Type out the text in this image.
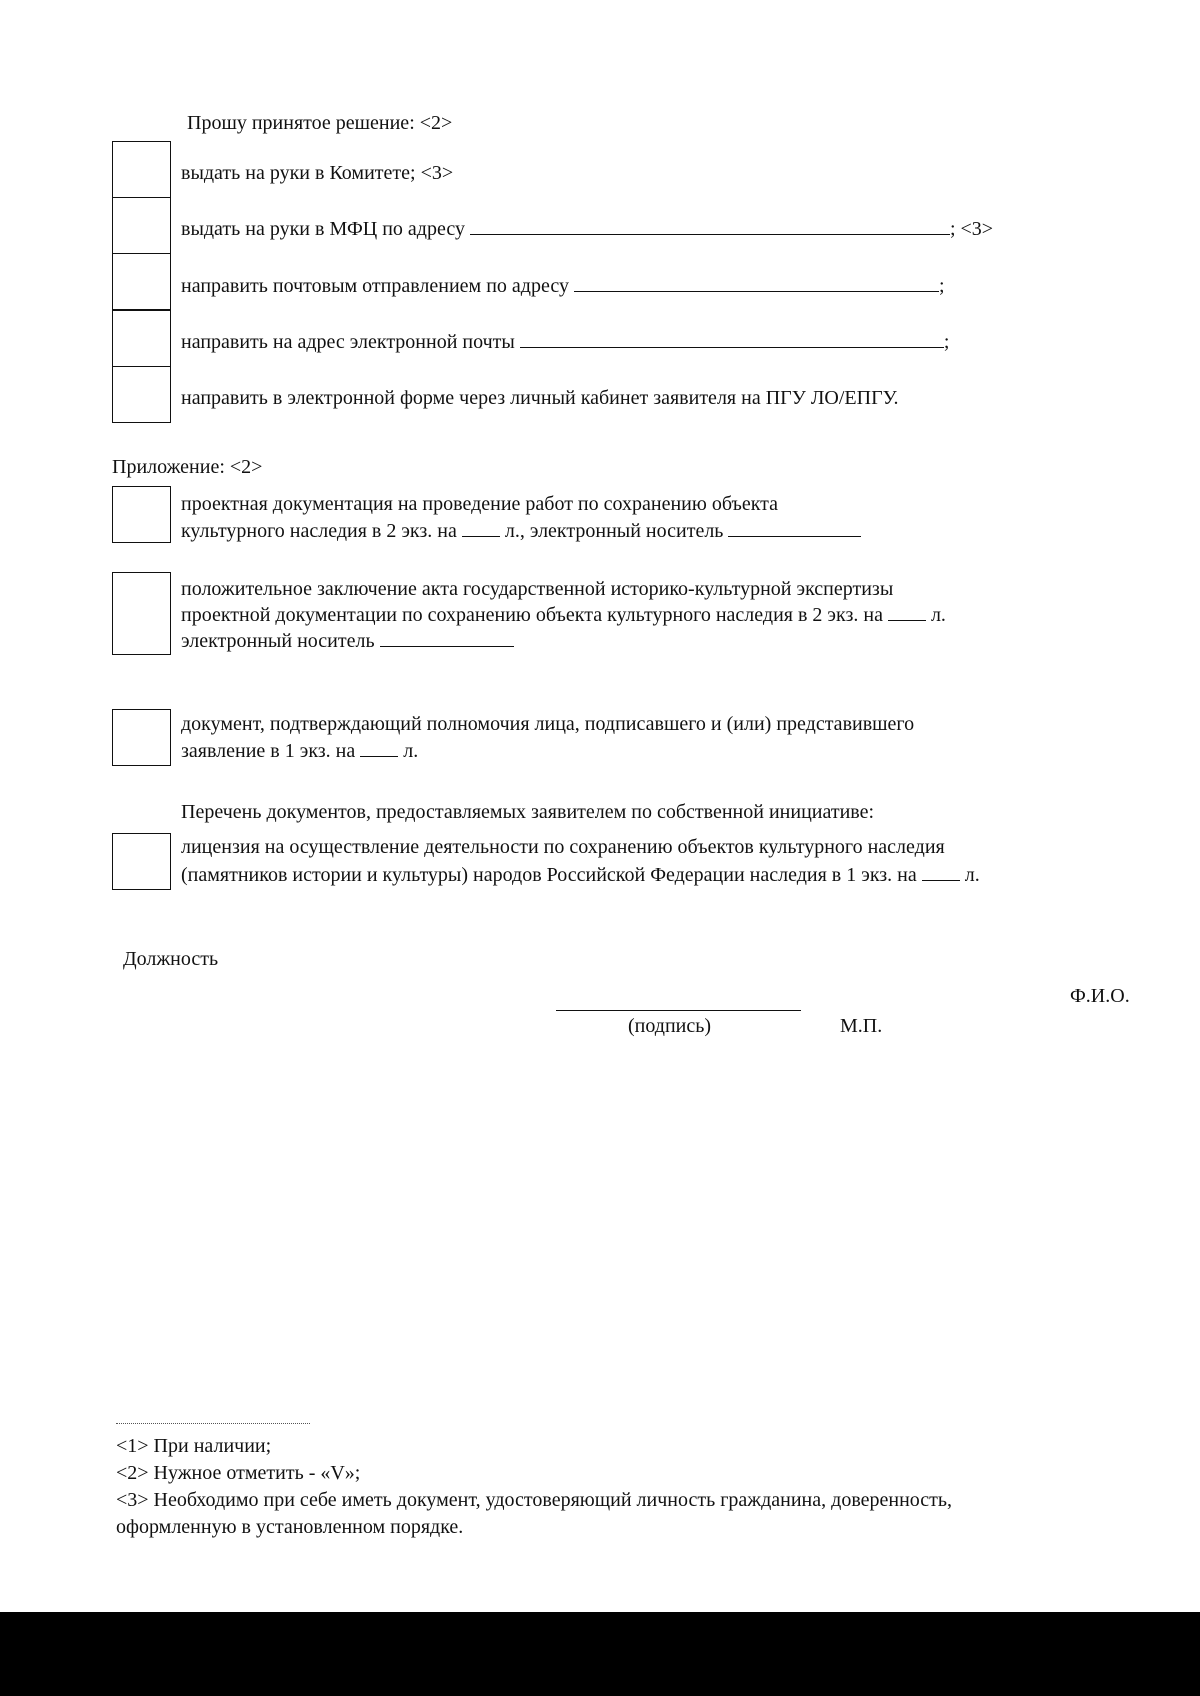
Прошу принятое решение: <2>
выдать на руки в Комитете; <3>
выдать на руки в МФЦ по адресу	; <3>
направить почтовым отправлением по адресу	;
направить на адрес электронной почты	;
направить в электронной форме через личный кабинет заявителя на ПГУ ЛО/ЕПГУ.
Приложение: <2>
проектная документация на проведение работ по сохранению объекта
культурного наследия в 2 экз. на л., электронный носитель
положительное заключение акта государственной историко-культурной экспертизы
проектной документации по сохранению объекта культурного наследия в 2 экз. на л.
электронный носитель
документ, подтверждающий полномочия лица, подписавшего и (или) представившего
заявление в 1 экз. на л.
Перечень документов, предоставляемых заявителем по собственной инициативе:
лицензия на осуществление деятельности по сохранению объектов культурного наследия
(памятников истории и культуры) народов Российской Федерации наследия в 1 экз. на л.
Должность
Ф.И.О.
(подпись)	М.П.
<1> При наличии;
<2> Нужное отметить - «V»;
<3> Необходимо при себе иметь документ, удостоверяющий личность гражданина, доверенность,
оформленную в установленном порядке.
